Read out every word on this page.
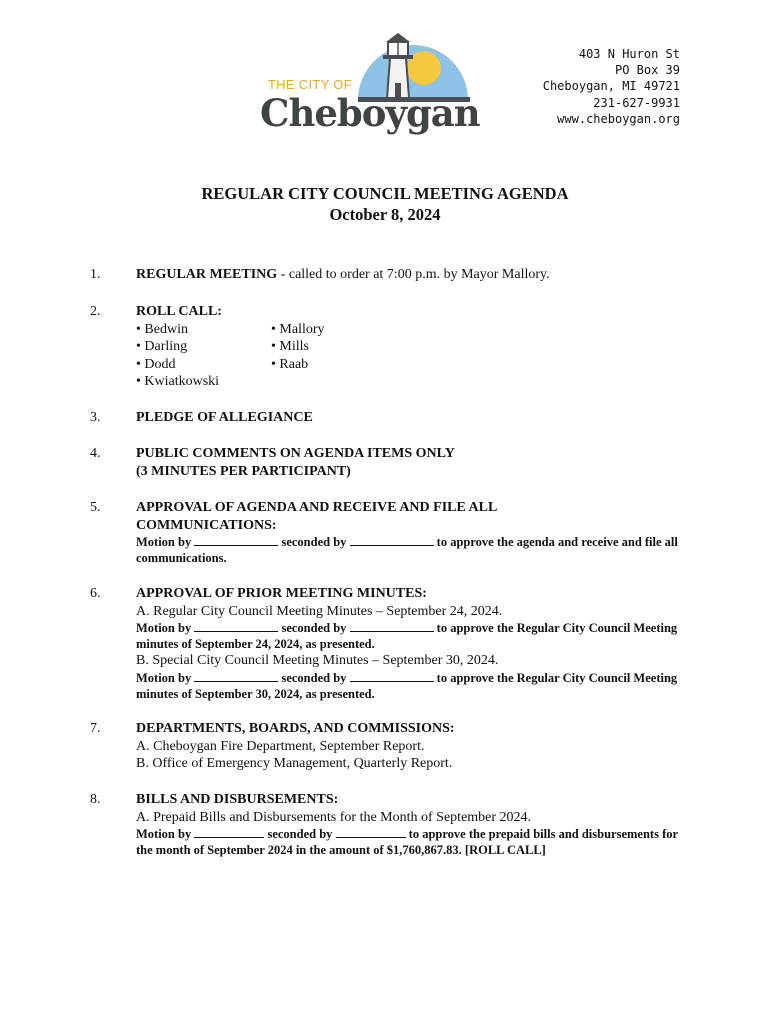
THE CITY OF
Cheboygan
403 N Huron St
PO Box 39
Cheboygan, MI 49721
231-627-9931
www.cheboygan.org
REGULAR CITY COUNCIL MEETING AGENDA
October 8, 2024
1.	REGULAR MEETING - called to order at 7:00 p.m. by Mayor Mallory.
2.	ROLL CALL:
• Bedwin
• Darling
• Dodd
• Kwiatkowski
• Mallory
• Mills
• Raab
3.	PLEDGE OF ALLEGIANCE
4.	PUBLIC COMMENTS ON AGENDA ITEMS ONLY
(3 MINUTES PER PARTICIPANT)
5.	APPROVAL OF AGENDA AND RECEIVE AND FILE ALL
COMMUNICATIONS:
Motion by	seconded by	to approve the agenda and receive and file all communications.
6.	APPROVAL OF PRIOR MEETING MINUTES:
A. Regular City Council Meeting Minutes – September 24, 2024.
Motion by	seconded by	to approve the Regular City Council Meeting minutes of September 24, 2024, as presented.
B. Special City Council Meeting Minutes – September 30, 2024.
Motion by	seconded by	to approve the Regular City Council Meeting minutes of September 30, 2024, as presented.
7.	DEPARTMENTS, BOARDS, AND COMMISSIONS:
A. Cheboygan Fire Department, September Report.
B. Office of Emergency Management, Quarterly Report.
8.	BILLS AND DISBURSEMENTS:
A. Prepaid Bills and Disbursements for the Month of September 2024.
Motion by	seconded by	to approve the prepaid bills and disbursements for the month of September 2024 in the amount of $1,760,867.83. [ROLL CALL]
